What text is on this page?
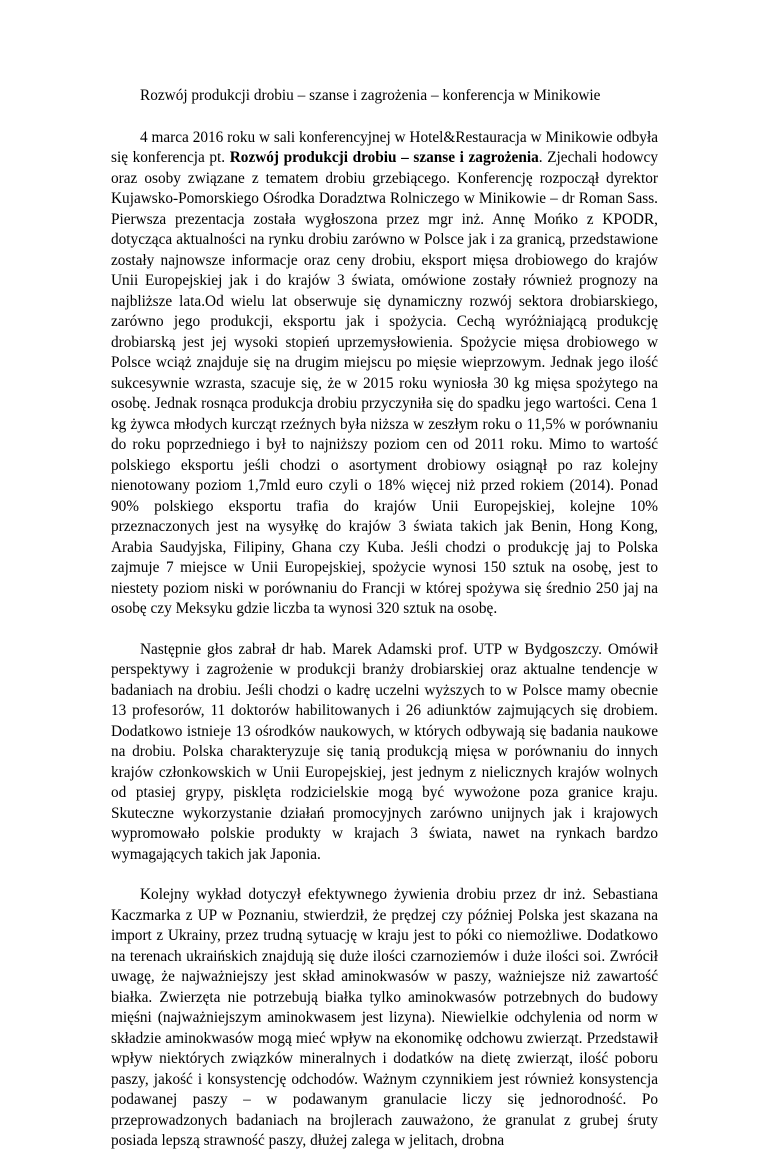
Rozwój produkcji drobiu – szanse i zagrożenia – konferencja w Minikowie

4 marca 2016 roku w sali konferencyjnej w Hotel&Restauracja w Minikowie odbyła się konferencja pt. Rozwój produkcji drobiu – szanse i zagrożenia. Zjechali hodowcy oraz osoby związane z tematem drobiu grzebiącego. Konferencję rozpoczął dyrektor Kujawsko-Pomorskiego Ośrodka Doradztwa Rolniczego w Minikowie – dr Roman Sass. Pierwsza prezentacja została wygłoszona przez mgr inż. Annę Mońko z KPODR, dotycząca aktualności na rynku drobiu zarówno w Polsce jak i za granicą, przedstawione zostały najnowsze informacje oraz ceny drobiu, eksport mięsa drobiowego do krajów Unii Europejskiej jak i do krajów 3 świata, omówione zostały również prognozy na najbliższe lata.Od wielu lat obserwuje się dynamiczny rozwój sektora drobiarskiego, zarówno jego produkcji, eksportu jak i spożycia. Cechą wyróżniającą produkcję drobiarską jest jej wysoki stopień uprzemysłowienia. Spożycie mięsa drobiowego w Polsce wciąż znajduje się na drugim miejscu po mięsie wieprzowym. Jednak jego ilość sukcesywnie wzrasta, szacuje się, że w 2015 roku wyniosła 30 kg mięsa spożytego na osobę. Jednak rosnąca produkcja drobiu przyczyniła się do spadku jego wartości. Cena 1 kg żywca młodych kurcząt rzeźnych była niższa w zeszłym roku o 11,5% w porównaniu do roku poprzedniego i był to najniższy poziom cen od 2011 roku. Mimo to wartość polskiego eksportu jeśli chodzi o asortyment drobiowy osiągnął po raz kolejny nienotowany poziom 1,7mld euro czyli o 18% więcej niż przed rokiem (2014). Ponad 90% polskiego eksportu trafia do krajów Unii Europejskiej, kolejne 10% przeznaczonych jest na wysyłkę do krajów 3 świata takich jak Benin, Hong Kong, Arabia Saudyjska, Filipiny, Ghana czy Kuba. Jeśli chodzi o produkcję jaj to Polska zajmuje 7 miejsce w Unii Europejskiej, spożycie wynosi 150 sztuk na osobę, jest to niestety poziom niski w porównaniu do Francji w której spożywa się średnio 250 jaj na osobę czy Meksyku gdzie liczba ta wynosi 320 sztuk na osobę.

Następnie głos zabrał dr hab. Marek Adamski prof. UTP w Bydgoszczy. Omówił perspektywy i zagrożenie w produkcji branży drobiarskiej oraz aktualne tendencje w badaniach na drobiu. Jeśli chodzi o kadrę uczelni wyższych to w Polsce mamy obecnie 13 profesorów, 11 doktorów habilitowanych i 26 adiunktów zajmujących się drobiem. Dodatkowo istnieje 13 ośrodków naukowych, w których odbywają się badania naukowe na drobiu. Polska charakteryzuje się tanią produkcją mięsa w porównaniu do innych krajów członkowskich w Unii Europejskiej, jest jednym z nielicznych krajów wolnych od ptasiej grypy, pisklęta rodzicielskie mogą być wywożone poza granice kraju. Skuteczne wykorzystanie działań promocyjnych zarówno unijnych jak i krajowych wypromowało polskie produkty w krajach 3 świata, nawet na rynkach bardzo wymagających takich jak Japonia.

Kolejny wykład dotyczył efektywnego żywienia drobiu przez dr inż. Sebastiana Kaczmarka z UP w Poznaniu, stwierdził, że prędzej czy później Polska jest skazana na import z Ukrainy, przez trudną sytuację w kraju jest to póki co niemożliwe. Dodatkowo na terenach ukraińskich znajdują się duże ilości czarnoziemów i duże ilości soi. Zwrócił uwagę, że najważniejszy jest skład aminokwasów w paszy, ważniejsze niż zawartość białka. Zwierzęta nie potrzebują białka tylko aminokwasów potrzebnych do budowy mięśni (najważniejszym aminokwasem jest lizyna). Niewielkie odchylenia od norm w składzie aminokwasów mogą mieć wpływ na ekonomikę odchowu zwierząt. Przedstawił wpływ niektórych związków mineralnych i dodatków na dietę zwierząt, ilość poboru paszy, jakość i konsystencję odchodów. Ważnym czynnikiem jest również konsystencja podawanej paszy – w podawanym granulacie liczy się jednorodność. Po przeprowadzonych badaniach na brojlerach zauważono, że granulat z grubej śruty posiada lepszą strawność paszy, dłużej zalega w jelitach, drobna
